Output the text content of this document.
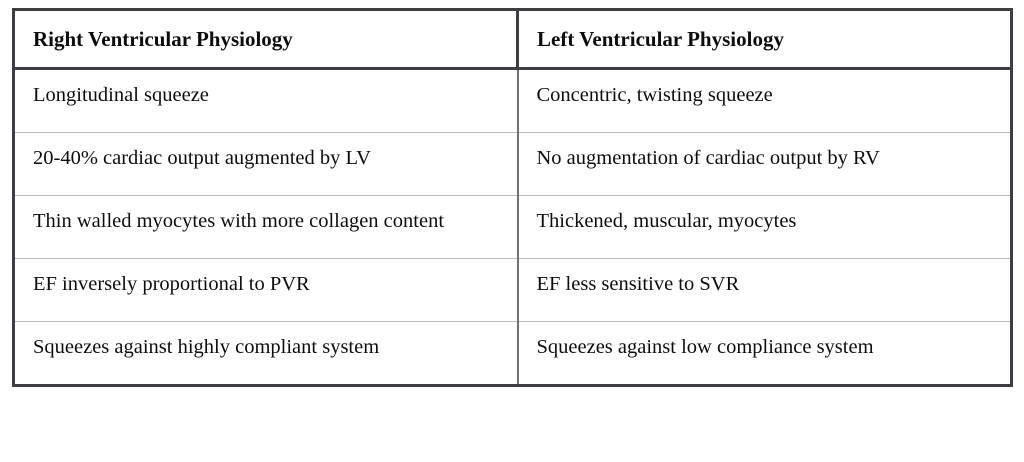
Right Ventricular Physiology	Left Ventricular Physiology
Longitudinal squeeze	Concentric, twisting squeeze
20-40% cardiac output augmented by LV	No augmentation of cardiac output by RV
Thin walled myocytes with more collagen content	Thickened, muscular, myocytes
EF inversely proportional to PVR	EF less sensitive to SVR
Squeezes against highly compliant system	Squeezes against low compliance system
